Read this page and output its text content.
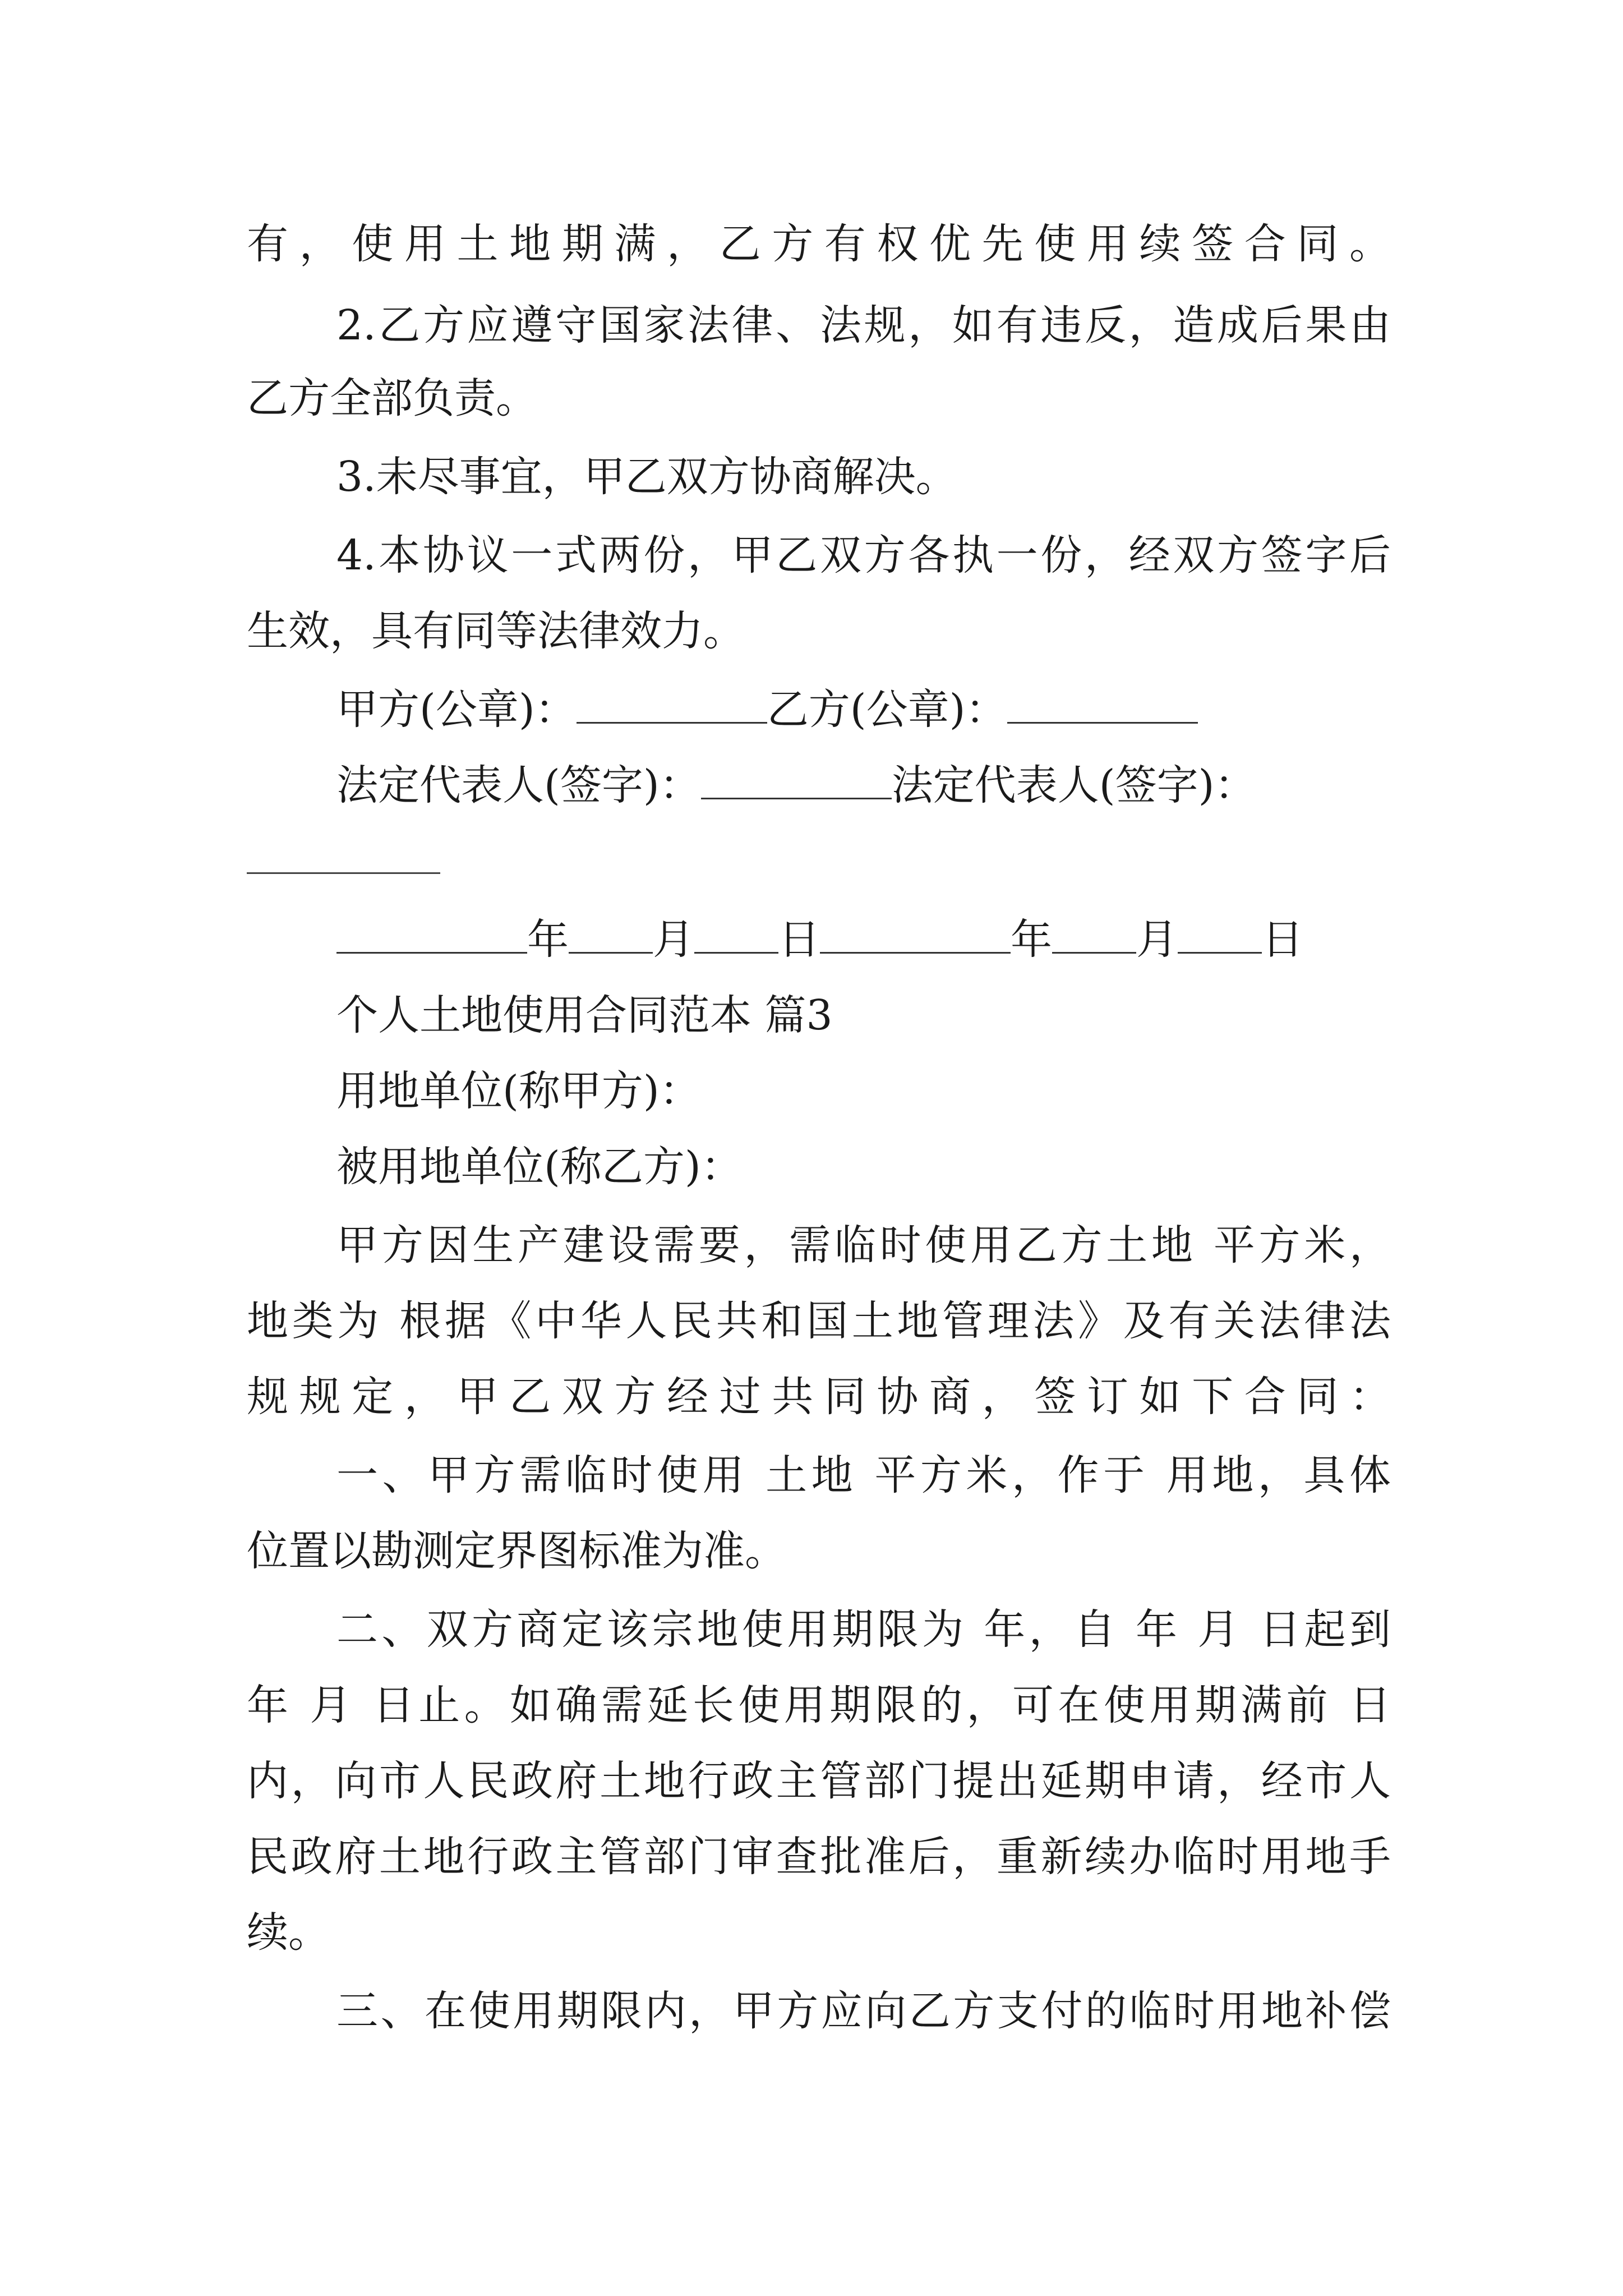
有，使用土地期满，乙方有权优先使用续签合同。
2.乙方应遵守国家法律、法规，如有违反，造成后果由
乙方全部负责。
3.未尽事宜，甲乙双方协商解决。
4.本协议一式两份，甲乙双方各执一份，经双方签字后
生效，具有同等法律效力。
甲方(公章)：	乙方(公章)：
法定代表人(签字)：	法定代表人(签字)：
年 月 日	年 月 日
个人土地使用合同范本 篇3
用地单位(称甲方)：
被用地单位(称乙方)：
甲方因生产建设需要，需临时使用乙方土地 平方米，
地类为 根据《中华人民共和国土地管理法》及有关法律法
规规定，甲乙双方经过共同协商，签订如下合同：
一、甲方需临时使用 土地 平方米，作于 用地，具体
位置以勘测定界图标准为准。
二、双方商定该宗地使用期限为 年，自 年 月 日起到
年 月 日止。如确需延长使用期限的，可在使用期满前 日
内，向市人民政府土地行政主管部门提出延期申请，经市人
民政府土地行政主管部门审查批准后，重新续办临时用地手
续。
三、在使用期限内，甲方应向乙方支付的临时用地补偿
